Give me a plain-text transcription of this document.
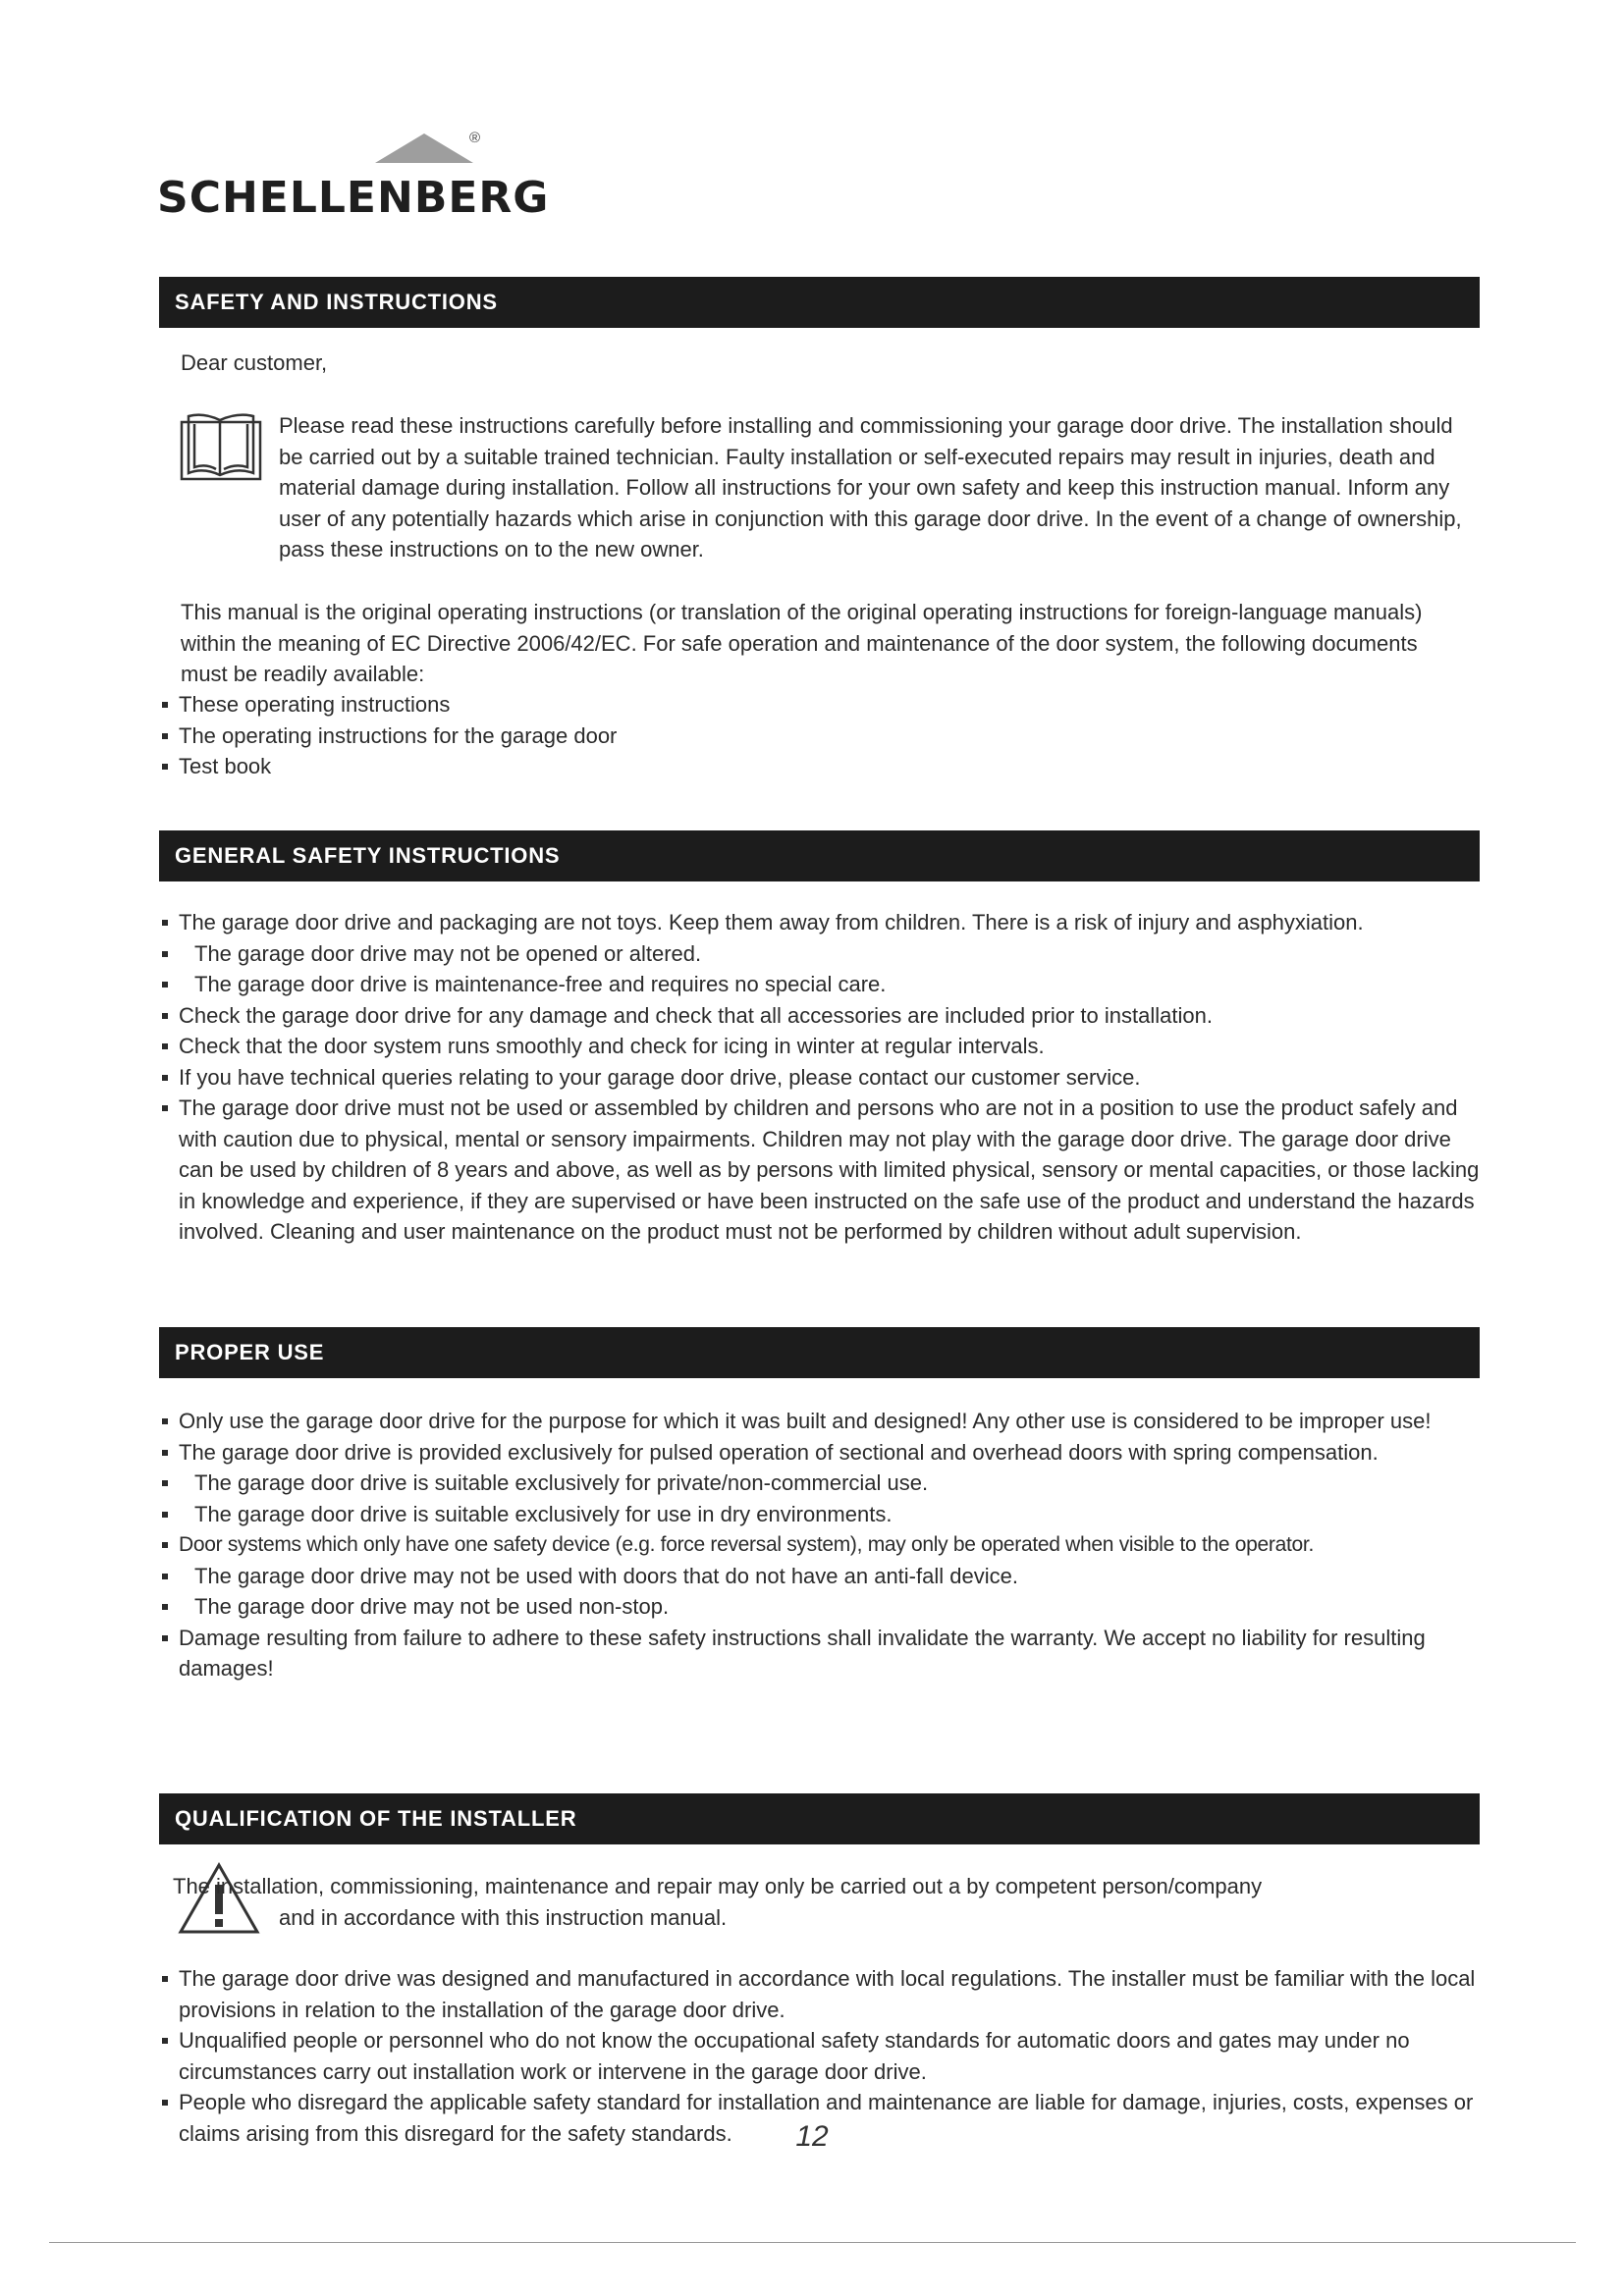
®
SCHELLENBERG
SAFETY AND INSTRUCTIONS
Dear customer,
Please read these instructions carefully before installing and commissioning your garage door drive. The installation should be carried out by a suitable trained technician. Faulty installation or self-executed repairs may result in injuries, death and material damage during installation. Follow all instructions for your own safety and keep this instruction manual. Inform any user of any potentially hazards which arise in conjunction with this garage door drive. In the event of a change of ownership, pass these instructions on to the new owner.
This manual is the original operating instructions (or translation of the original operating instructions for foreign-language manuals) within the meaning of EC Directive 2006/42/EC. For safe operation and maintenance of the door system, the following documents must be readily available:
These operating instructions
The operating instructions for the garage door
Test book
GENERAL SAFETY INSTRUCTIONS
The garage door drive and packaging are not toys. Keep them away from children. There is a risk of injury and asphyxiation.
The garage door drive may not be opened or altered.
The garage door drive is maintenance-free and requires no special care.
Check the garage door drive for any damage and check that all accessories are included prior to installation.
Check that the door system runs smoothly and check for icing in winter at regular intervals.
If you have technical queries relating to your garage door drive, please contact our customer service.
The garage door drive must not be used or assembled by children and persons who are not in a position to use the product safely and with caution due to physical, mental or sensory impairments. Children may not play with the garage door drive. The garage door drive can be used by children of 8 years and above, as well as by persons with limited physical, sensory or mental capacities, or those lacking in knowledge and experience, if they are supervised or have been instructed on the safe use of the product and understand the hazards involved. Cleaning and user maintenance on the product must not be performed by children without adult supervision.
PROPER USE
Only use the garage door drive for the purpose for which it was built and designed! Any other use is considered to be improper use!
The garage door drive is provided exclusively for pulsed operation of sectional and overhead doors with spring compensation.
The garage door drive is suitable exclusively for private/non-commercial use.
The garage door drive is suitable exclusively for use in dry environments.
Door systems which only have one safety device (e.g. force reversal system), may only be operated when visible to the operator.
The garage door drive may not be used with doors that do not have an anti-fall device.
The garage door drive may not be used non-stop.
Damage resulting from failure to adhere to these safety instructions shall invalidate the warranty. We accept no liability for resulting damages!
QUALIFICATION OF THE INSTALLER
The installation, commissioning, maintenance and repair may only be carried out a by competent person/company
and in accordance with this instruction manual.
The garage door drive was designed and manufactured in accordance with local regulations. The installer must be familiar with the local provisions in relation to the installation of the garage door drive.
Unqualified people or personnel who do not know the occupational safety standards for automatic doors and gates may under no circumstances carry out installation work or intervene in the garage door drive.
People who disregard the applicable safety standard for installation and maintenance are liable for damage, injuries, costs, expenses or claims arising from this disregard for the safety standards.	12
